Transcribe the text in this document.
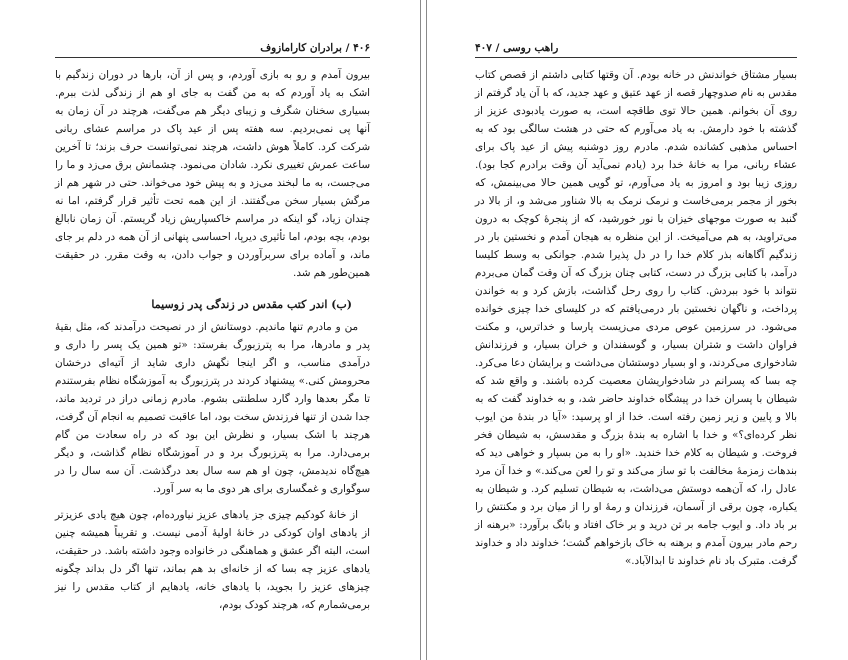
۴۰۶ / برادران کارامازوف

بیرون آمدم و رو به بازی آوردم، و پس از آن، بارها در دوران زندگیم با اشک به یاد آوردم که به من گفت به جای او هم از زندگی لذت ببرم. بسیاری سخنان شگرف و زیبای دیگر هم می‌گفت، هرچند در آن زمان به آنها پی نمی‌بردیم. سه هفته پس از عید پاک در مراسم عشای ربانی شرکت کرد. کاملاً هوش داشت، هرچند نمی‌توانست حرف بزند؛ تا آخرین ساعت عمرش تغییری نکرد. شادان می‌نمود. چشمانش برق می‌زد و ما را می‌جست، به ما لبخند می‌زد و به پیش خود می‌خواند. حتی در شهر هم از مرگش بسیار سخن می‌گفتند. از این همه تحت تأثیر قرار گرفتم، اما نه چندان زیاد، گو اینکه در مراسم خاکسپاریش زیاد گریستم. آن زمان نابالغ بودم، بچه بودم، اما تأثیری دیرپا، احساسی پنهانی از آن همه در دلم بر جای ماند، و آماده برای سربرآوردن و جواب دادن، به وقت مقرر. در حقیقت همین‌طور هم شد.

(ب) اندر کتب مقدس در زندگی پدر زوسیما

من و مادرم تنها ماندیم. دوستانش از در نصیحت درآمدند که، مثل بقیهٔ پدر و مادرها، مرا به پترزبورگ بفرستد: «تو همین یک پسر را داری و درآمدی مناسب، و اگر اینجا نگهش داری شاید از آتیه‌ای درخشان محرومش کنی.» پیشنهاد کردند در پترزبورگ به آموزشگاه نظام بفرستندم تا مگر بعدها وارد گارد سلطنتی بشوم. مادرم زمانی دراز در تردید ماند، جدا شدن از تنها فرزندش سخت بود، اما عاقبت تصمیم به انجام آن گرفت، هرچند با اشک بسیار، و نظرش این بود که در راه سعادت من گام برمی‌دارد. مرا به پترزبورگ برد و در آموزشگاه نظام گذاشت، و دیگر هیچ‌گاه ندیدمش، چون او هم سه سال بعد درگذشت. آن سه سال را در سوگواری و غمگساری برای هر دوی ما به سر آورد.

از خانهٔ کودکیم چیزی جز یادهای عزیز نیاورده‌ام، چون هیچ یادی عزیزتر از یادهای اوان کودکی در خانهٔ اولیهٔ آدمی نیست. و تقریباً همیشه چنین است، البته اگر عشق و هماهنگی در خانواده وجود داشته باشد. در حقیقت، یادهای عزیز چه بسا که از خانه‌ای بد هم بماند، تنها اگر دل بداند چگونه چیزهای عزیز را بجوید، با یادهای خانه، یادهایم از کتاب مقدس را نیز برمی‌شمارم که، هرچند کودک بودم،

راهب روسی / ۴۰۷

بسیار مشتاق خواندنش در خانه بودم. آن وقتها کتابی داشتم از قصص کتاب مقدس به نام صدوچهار قصه از عهد عتیق و عهد جدید، که با آن یاد گرفتم از روی آن بخوانم. همین حالا توی طاقچه است، به صورت یادبودی عزیز از گذشته با خود دارمش. به یاد می‌آورم که حتی در هشت سالگی بود که به احساس مذهبی کشانده شدم. مادرم روز دوشنبه پیش از عید پاک برای عشاء ربانی، مرا به خانهٔ خدا برد (یادم نمی‌آید آن وقت برادرم کجا بود). روزی زیبا بود و امروز به یاد می‌آورم، تو گویی همین حالا می‌بینمش، که بخور از مجمر برمی‌خاست و نرمک نرمک به بالا شناور می‌شد و، از بالا در گنبد به صورت موجهای خیزان با نور خورشید، که از پنجرهٔ کوچک به درون می‌تراوید، به هم می‌آمیخت. از این منظره به هیجان آمدم و نخستین بار در زندگیم آگاهانه بذر کلام خدا را در دل پذیرا شدم. جوانکی به وسط کلیسا درآمد، با کتابی بزرگ در دست، کتابی چنان بزرگ که آن وقت گمان می‌بردم نتواند با خود ببردش. کتاب را روی رحل گذاشت، بازش کرد و به خواندن پرداخت، و ناگهان نخستین بار درمی‌یافتم که در کلیسای خدا چیزی خوانده می‌شود. در سرزمین عوص مردی می‌زیست پارسا و خداترس، و مکنت فراوان داشت و شتران بسیار، و گوسفندان و خران بسیار، و فرزندانش شادخواری می‌کردند، و او بسیار دوستشان می‌داشت و برایشان دعا می‌کرد. چه بسا که پسرانم در شادخواریشان معصیت کرده باشند. و واقع شد که شیطان با پسران خدا در پیشگاه خداوند حاضر شد، و به خداوند گفت که به بالا و پایین و زیر زمین رفته است. خدا از او پرسید: «آیا در بندهٔ من ایوب نظر کرده‌ای؟» و خدا با اشاره به بندهٔ بزرگ و مقدسش، به شیطان فخر فروخت. و شیطان به کلام خدا خندید. «او را به من بسپار و خواهی دید که بندهات زمزمهٔ مخالفت با تو ساز می‌کند و تو را لعن می‌کند.» و خدا آن مرد عادل را، که آن‌همه دوستش می‌داشت، به شیطان تسلیم کرد. و شیطان به یکباره، چون برقی از آسمان، فرزندان و رمهٔ او را از میان برد و مکنتش را بر باد داد. و ایوب جامه بر تن درید و بر خاک افتاد و بانگ برآورد: «برهنه از رحم مادر بیرون آمدم و برهنه به خاک بازخواهم گشت؛ خداوند داد و خداوند گرفت. متبرک باد نام خداوند تا ابدالآباد.»
